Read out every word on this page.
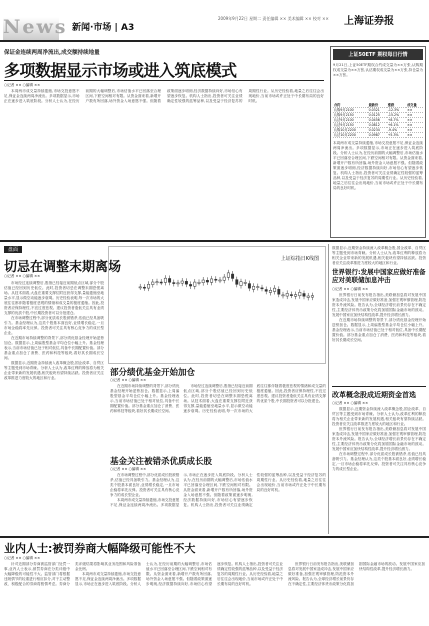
News 新闻·市场 | A3
2009年9月22日 星期二 责任编辑 ×× 美术编辑 ×× 校对 ××	上海证券报
保证金连续两周净流出,成交额持续地量
多项数据显示市场或进入筑底模式
○记者 ×× ○编辑 ××

本周两市成交量持续萎缩,市场交投意愿不足,保证金连续两周净流出。多项数据显示,市场正在逐步进入筑底阶段。分析人士认为,在经历前期的大幅调整后,市场估值水平已回落至合理区间,下跌空间相对有限。从资金面来看,新增开户数有所回落,场外资金入场意愿不强。但随着政策面逐步明朗,经济数据持续向好,市场信心有望逐步恢复。机构人士指出,投资者可关注业绩确定性较强的蓝筹品种,以及受益于经济复苏的周期性行业。从历史经验看,地量之后往往会出现地价,当前市场或许正处于中长期布局的良好时机。

上证50ETF 期权每日行情
9月21日,上证50ETF期权合约成交量为××万张,认购期权成交量为××万张,认沽期权成交量为××万张,持仓量为××万张。
合约	最新价	涨跌	成交量
认购9月2100	0.0321	-12.3%	××
认购9月2150	0.0125	-15.2%	××
认沽9月2100	0.0456	+8.7%	××
认沽9月2150	0.0812	+6.1%	××
认购10月2200	0.0234	-9.4%	××
认沽10月2200	0.0987	+5.3%	××
本周两市成交量持续萎缩,市场交投意愿不足,保证金连续两周净流出。多项数据显示,市场正在逐步进入筑底阶段。分析人士认为,在经历前期的大幅调整后,市场估值水平已回落至合理区间,下跌空间相对有限。从资金面来看,新增开户数有所回落,场外资金入场意愿不强。但随着政策面逐步明朗,经济数据持续向好,市场信心有望逐步恢复。机构人士指出,投资者可关注业绩确定性较强的蓝筹品种,以及受益于经济复苏的周期性行业。从历史经验看,地量之后往往会出现地价,当前市场或许正处于中长期布局的良好时机。
盘面
切忌在调整末期离场
○记者 ×× ○编辑 ××

市场经过连续调整后,股指已经接近前期低点区域,部分个股估值已经回到历史低位。此时,投资者切忌在调整末期恐慌离场。从技术面看,大盘在重要支撑位附近获得支撑,量能萎缩至地量水平,显示做空动能逐步衰竭。历史经验表明,每一次市场的大底往往都伴随着极度悲观的情绪和成交量的极度萎缩。因此,投资者应保持理性,不宜过度悲观。建议投资者逢低关注具有业绩支撑的优质个股,中长期投资者可以分批建仓。

在市场调整过程中,部分优质成长股被错杀,估值已经具备吸引力。基金经理认为,这类个股基本面良好,业绩增长稳定,一旦市场企稳将率先反弹。投资者可关注具有核心竞争力的成长型企业。

在近期市场持续调整的背景下,部分绩优基金经理开始逆势加仓。数据显示,上周偏股型基金平均仓位小幅上升。基金经理表示,当前市场估值已处于相对低位,具备中长期配置价值。部分基金重点加仓了消费、医药和科技等板块,看好其长期成长空间。

数据显示,近期资金持续流入改革概念股,国企改革、自贸区等主题受到市场青睐。分析人士认为,改革红利的释放将为相关企业带来新的发展机遇,相关板块有望持续活跃。投资者应关注改革推进力度较大的地区和行业。

上证综指日K线图
部分绩优基金开始加仓
○记者 ×× ○编辑 ××

在近期市场持续调整的背景下,部分绩优基金经理开始逆势加仓。数据显示,上周偏股型基金平均仓位小幅上升。基金经理表示,当前市场估值已处于相对低位,具备中长期配置价值。部分基金重点加仓了消费、医药和科技等板块,看好其长期成长空间。

市场经过连续调整后,股指已经接近前期低点区域,部分个股估值已经回到历史低位。此时,投资者切忌在调整末期恐慌离场。从技术面看,大盘在重要支撑位附近获得支撑,量能萎缩至地量水平,显示做空动能逐步衰竭。历史经验表明,每一次市场的大底往往都伴随着极度悲观的情绪和成交量的极度萎缩。因此,投资者应保持理性,不宜过度悲观。建议投资者逢低关注具有业绩支撑的优质个股,中长期投资者可以分批建仓。

基金关注被错杀优质成长股
○记者 ×× ○编辑 ××

在市场调整过程中,部分优质成长股被错杀,估值已经具备吸引力。基金经理认为,这类个股基本面良好,业绩增长稳定,一旦市场企稳将率先反弹。投资者可关注具有核心竞争力的成长型企业。

本周两市成交量持续萎缩,市场交投意愿不足,保证金连续两周净流出。多项数据显示,市场正在逐步进入筑底阶段。分析人士认为,在经历前期的大幅调整后,市场估值水平已回落至合理区间,下跌空间相对有限。从资金面来看,新增开户数有所回落,场外资金入场意愿不强。但随着政策面逐步明朗,经济数据持续向好,市场信心有望逐步恢复。机构人士指出,投资者可关注业绩确定性较强的蓝筹品种,以及受益于经济复苏的周期性行业。从历史经验看,地量之后往往会出现地价,当前市场或许正处于中长期布局的良好时机。

数据显示,近期资金持续流入改革概念股,国企改革、自贸区等主题受到市场青睐。分析人士认为,改革红利的释放将为相关企业带来新的发展机遇,相关板块有望持续活跃。投资者应关注改革推进力度较大的地区和行业。
世界银行:发展中国家应做好准备应对美联储加息冲击
○记者 ×× ○编辑 ××

世界银行日前发布报告指出,美联储加息将对发展中国家造成冲击,发展中国家应做好准备,加强宏观审慎管理,防范资本外流风险。报告认为,全球经济增长前景仍存在不确定性,主要经济体货币政策分化将加剧国际金融市场的波动。发展中国家应加快结构性改革,提升经济增长潜力。

在近期市场持续调整的背景下,部分绩优基金经理开始逆势加仓。数据显示,上周偏股型基金平均仓位小幅上升。基金经理表示,当前市场估值已处于相对低位,具备中长期配置价值。部分基金重点加仓了消费、医药和科技等板块,看好其长期成长空间。

改革概念股成近期资金首选
○记者 ×× ○编辑 ××

数据显示,近期资金持续流入改革概念股,国企改革、自贸区等主题受到市场青睐。分析人士认为,改革红利的释放将为相关企业带来新的发展机遇,相关板块有望持续活跃。投资者应关注改革推进力度较大的地区和行业。

世界银行日前发布报告指出,美联储加息将对发展中国家造成冲击,发展中国家应做好准备,加强宏观审慎管理,防范资本外流风险。报告认为,全球经济增长前景仍存在不确定性,主要经济体货币政策分化将加剧国际金融市场的波动。发展中国家应加快结构性改革,提升经济增长潜力。

在市场调整过程中,部分优质成长股被错杀,估值已经具备吸引力。基金经理认为,这类个股基本面良好,业绩增长稳定,一旦市场企稳将率先反弹。投资者可关注具有核心竞争力的成长型企业。

业内人士:被罚券商大幅降级可能性不大
○记者 ×× ○编辑 ××

针对近期部分券商被监管部门处罚一事,业内人士表示,被罚券商在分类评级中大幅降级的可能性不大。监管部门将根据违规情节的轻重进行相应扣分,对于主动整改、积极配合的券商将酌情考虑。券商分类评级结果将影响其业务范围和风险准备金比例。

本周两市成交量持续萎缩,市场交投意愿不足,保证金连续两周净流出。多项数据显示,市场正在逐步进入筑底阶段。分析人士认为,在经历前期的大幅调整后,市场估值水平已回落至合理区间,下跌空间相对有限。从资金面来看,新增开户数有所回落,场外资金入场意愿不强。但随着政策面逐步明朗,经济数据持续向好,市场信心有望逐步恢复。机构人士指出,投资者可关注业绩确定性较强的蓝筹品种,以及受益于经济复苏的周期性行业。从历史经验看,地量之后往往会出现地价,当前市场或许正处于中长期布局的良好时机。

世界银行日前发布报告指出,美联储加息将对发展中国家造成冲击,发展中国家应做好准备,加强宏观审慎管理,防范资本外流风险。报告认为,全球经济增长前景仍存在不确定性,主要经济体货币政策分化将加剧国际金融市场的波动。发展中国家应加快结构性改革,提升经济增长潜力。
